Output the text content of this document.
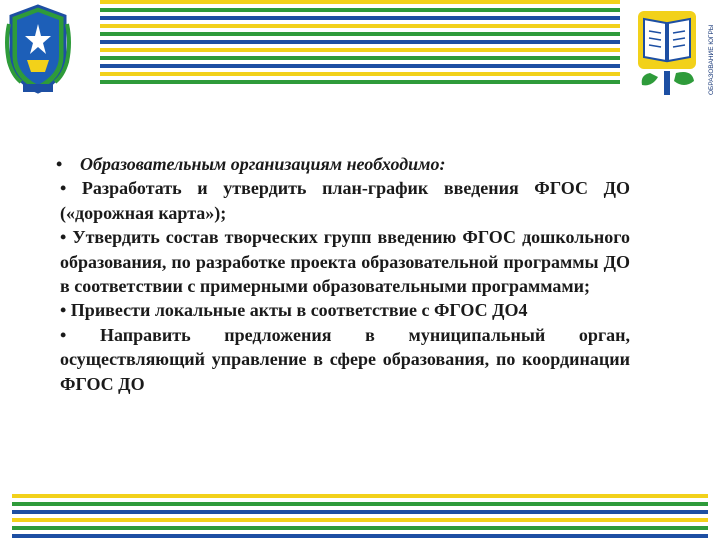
ОБРАЗОВАНИЕ ЮГРЫ

• Образовательным организациям необходимо:

• Разработать и утвердить план-график введения ФГОС ДО («дорожная карта»);

• Утвердить состав творческих групп введению ФГОС дошкольного образования, по разработке проекта образовательной программы ДО в соответствии с примерными образовательными программами;

• Привести локальные акты в соответствие с ФГОС ДО4

• Направить предложения в муниципальный орган, осуществляющий управление в сфере образования, по координации ФГОС ДО
